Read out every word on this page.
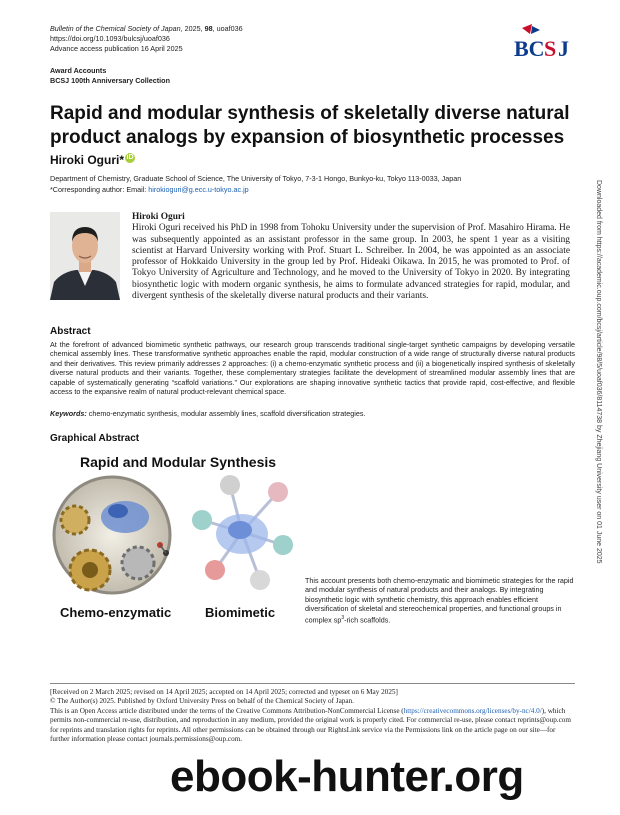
Bulletin of the Chemical Society of Japan, 2025, 98, uoaf036
https://doi.org/10.1093/bulcsj/uoaf036
Advance access publication 16 April 2025	BC S J
Award Accounts
BCSJ 100th Anniversary Collection
Rapid and modular synthesis of skeletally diverse natural product analogs by expansion of biosynthetic processes
Hiroki Oguri* iD
Department of Chemistry, Graduate School of Science, The University of Tokyo, 7-3-1 Hongo, Bunkyo-ku, Tokyo 113-0033, Japan
*Corresponding author: Email: hirokioguri@g.ecc.u-tokyo.ac.jp
Hiroki Oguri
Hiroki Oguri received his PhD in 1998 from Tohoku University under the supervision of Prof. Masahiro Hirama. He was subsequently appointed as an assistant professor in the same group. In 2003, he spent 1 year as a visiting scientist at Harvard University working with Prof. Stuart L. Schreiber. In 2004, he was appointed as an associate professor of Hokkaido University in the group led by Prof. Hideaki Oikawa. In 2015, he was promoted to Prof. of Tokyo University of Agriculture and Technology, and he moved to the University of Tokyo in 2020. By integrating biosynthetic logic with modern organic synthesis, he aims to formulate advanced strategies for rapid, modular, and divergent synthesis of the skeletally diverse natural products and their variants.
Abstract
At the forefront of advanced biomimetic synthetic pathways, our research group transcends traditional single-target synthetic campaigns by developing versatile chemical assembly lines. These transformative synthetic approaches enable the rapid, modular construction of a wide range of structurally diverse natural products and their derivatives. This review primarily addresses 2 approaches: (i) a chemo-enzymatic synthetic process and (ii) a biogenetically inspired synthesis of skeletally diverse natural products and their variants. Together, these complementary strategies facilitate the development of streamlined modular assembly lines that are capable of systematically generating “scaffold variations.” Our explorations are shaping innovative synthetic tactics that provide rapid, cost-effective, and flexible access to the expansive realm of natural product-relevant chemical space.
Keywords: chemo-enzymatic synthesis, modular assembly lines, scaffold diversification strategies.
Graphical Abstract
Rapid and Modular Synthesis
Chemo-enzymatic	Biomimetic
This account presents both chemo-enzymatic and biomimetic strategies for the rapid and modular synthesis of natural products and their analogs. By integrating biosynthetic logic with synthetic chemistry, this approach enables efficient diversification of skeletal and stereochemical properties, and functional groups in complex $sp^3$-rich scaffolds.
Downloaded from https://academic.oup.com/bcsj/article/98/5/uoaf036/8114738 by Zhejiang University user on 01 June 2025
[Received on 2 March 2025; revised on 14 April 2025; accepted on 14 April 2025; corrected and typeset on 6 May 2025]
© The Author(s) 2025. Published by Oxford University Press on behalf of the Chemical Society of Japan.
This is an Open Access article distributed under the terms of the Creative Commons Attribution-NonCommercial License (https://creativecommons.org/licenses/by-nc/4.0/), which permits non-commercial re-use, distribution, and reproduction in any medium, provided the original work is properly cited. For commercial re-use, please contact reprints@oup.com for reprints and translation rights for reprints. All other permissions can be obtained through our RightsLink service via the Permissions link on the article page on our site—for further information please contact journals.permissions@oup.com.
ebook-hunter.org
